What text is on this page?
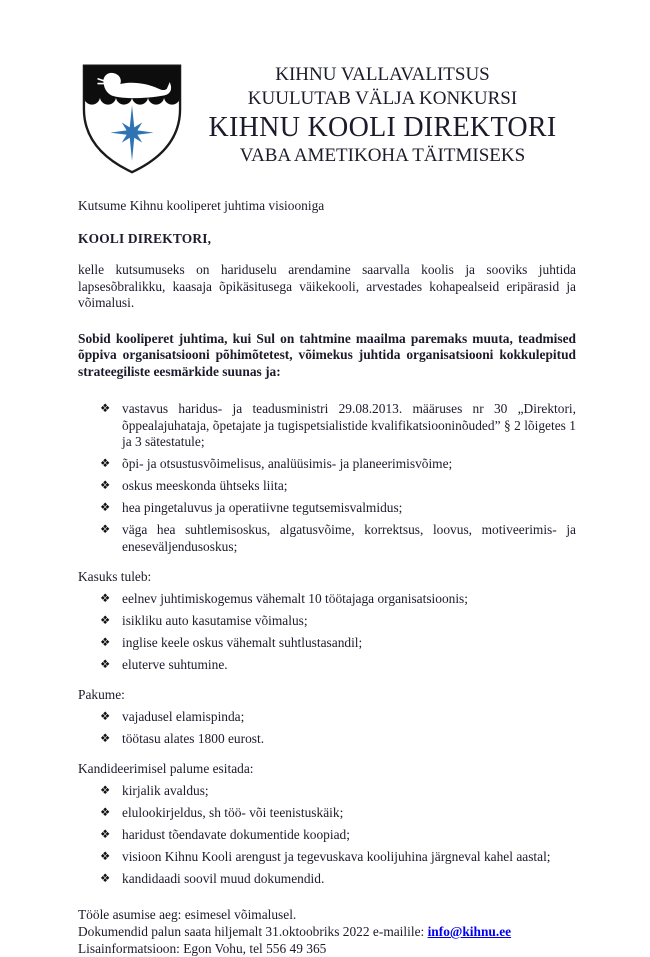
KIHNU VALLAVALITSUS
KUULUTAB VÄLJA KONKURSI
KIHNU KOOLI DIREKTORI
VABA AMETIKOHA TÄITMISEKS
Kutsume Kihnu kooliperet juhtima visiooniga
KOOLI DIREKTORI,
kelle kutsumuseks on hariduselu arendamine saarvalla koolis ja sooviks juhtida lapsesõbralikku, kaasaja õpikäsitusega väikekooli, arvestades kohapealseid eripärasid ja võimalusi.
Sobid kooliperet juhtima, kui Sul on tahtmine maailma paremaks muuta, teadmised õppiva organisatsiooni põhimõtetest, võimekus juhtida organisatsiooni kokkulepitud strateegiliste eesmärkide suunas ja:
❖ vastavus haridus- ja teadusministri 29.08.2013. määruses nr 30 „Direktori, õppealajuhataja, õpetajate ja tugispetsialistide kvalifikatsiooninõuded” § 2 lõigetes 1 ja 3 sätestatule;
❖ õpi- ja otsustusvõimelisus, analüüsimis- ja planeerimisvõime;
❖ oskus meeskonda ühtseks liita;
❖ hea pingetaluvus ja operatiivne tegutsemisvalmidus;
❖ väga hea suhtlemisoskus, algatusvõime, korrektsus, loovus, motiveerimis- ja eneseväljendusoskus;
Kasuks tuleb:
❖ eelnev juhtimiskogemus vähemalt 10 töötajaga organisatsioonis;
❖ isikliku auto kasutamise võimalus;
❖ inglise keele oskus vähemalt suhtlustasandil;
❖ eluterve suhtumine.
Pakume:
❖ vajadusel elamispinda;
❖ töötasu alates 1800 eurost.
Kandideerimisel palume esitada:
❖ kirjalik avaldus;
❖ elulookirjeldus, sh töö- või teenistuskäik;
❖ haridust tõendavate dokumentide koopiad;
❖ visioon Kihnu Kooli arengust ja tegevuskava koolijuhina järgneval kahel aastal;
❖ kandidaadi soovil muud dokumendid.
Tööle asumise aeg: esimesel võimalusel.
Dokumendid palun saata hiljemalt 31.oktoobriks 2022 e-mailile: info@kihnu.ee
Lisainformatsioon: Egon Vohu, tel 556 49 365
